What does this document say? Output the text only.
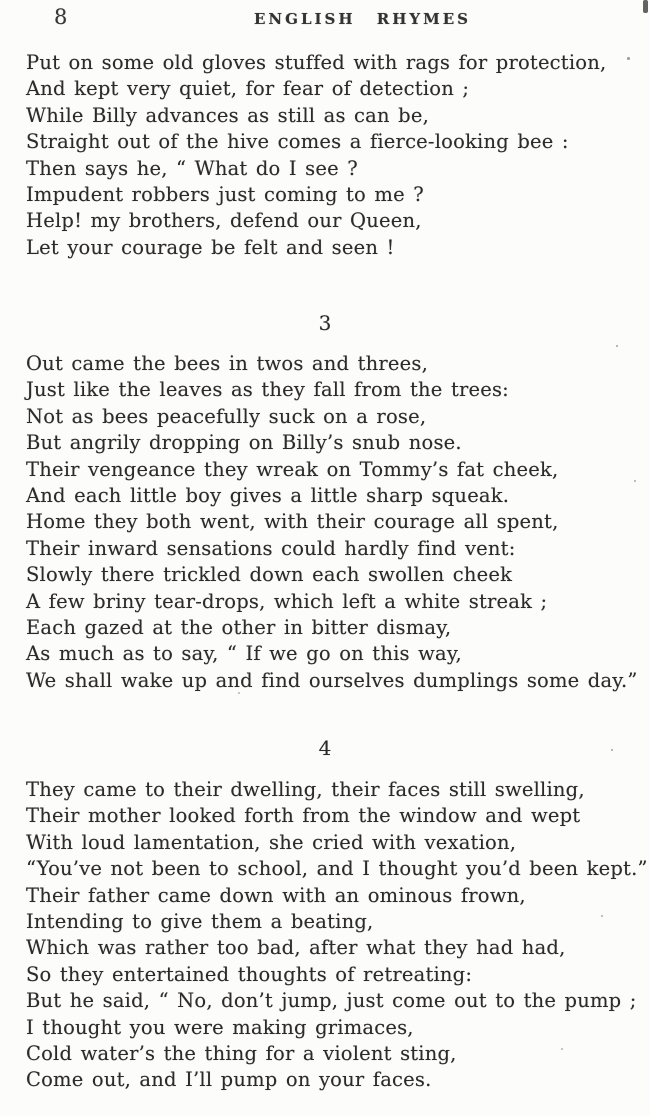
8	ENGLISH RHYMES
Put on some old gloves stuffed with rags for protection,
And kept very quiet, for fear of detection ;
While Billy advances as still as can be,
Straight out of the hive comes a fierce-looking bee :
Then says he, “ What do I see ?
Impudent robbers just coming to me ?
Help! my brothers, defend our Queen,
Let your courage be felt and seen !
3
Out came the bees in twos and threes,
Just like the leaves as they fall from the trees:
Not as bees peacefully suck on a rose,
But angrily dropping on Billy’s snub nose.
Their vengeance they wreak on Tommy’s fat cheek,
And each little boy gives a little sharp squeak.
Home they both went, with their courage all spent,
Their inward sensations could hardly find vent:
Slowly there trickled down each swollen cheek
A few briny tear-drops, which left a white streak ;
Each gazed at the other in bitter dismay,
As much as to say, “ If we go on this way,
We shall wake up and find ourselves dumplings some day.”
4
They came to their dwelling, their faces still swelling,
Their mother looked forth from the window and wept
With loud lamentation, she cried with vexation,
“You’ve not been to school, and I thought you’d been kept.”
Their father came down with an ominous frown,
Intending to give them a beating,
Which was rather too bad, after what they had had,
So they entertained thoughts of retreating:
But he said, “ No, don’t jump, just come out to the pump ;
I thought you were making grimaces,
Cold water’s the thing for a violent sting,
Come out, and I’ll pump on your faces.
